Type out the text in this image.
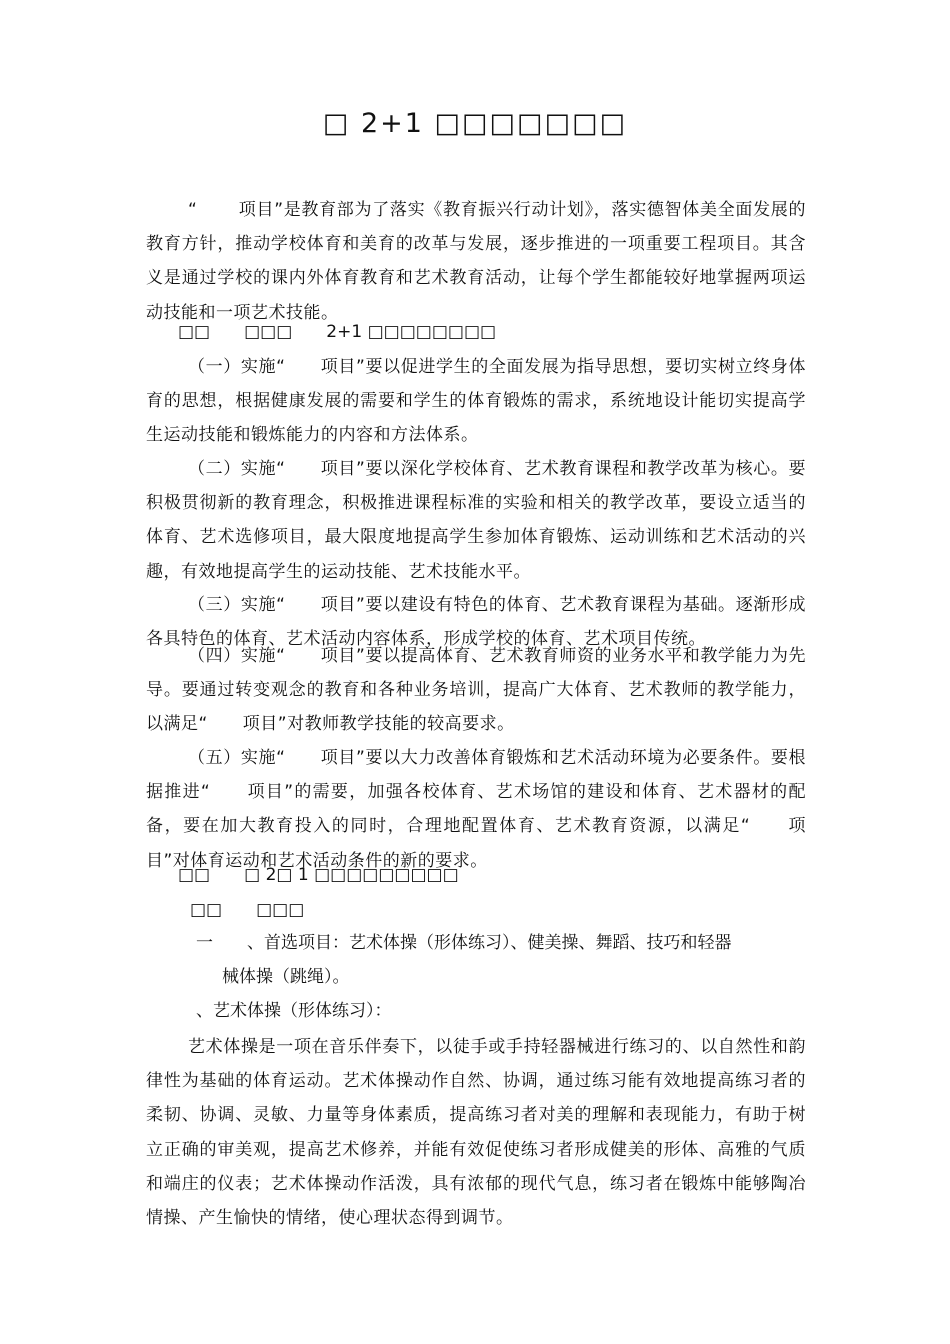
□ 2+1 □□□□□□□

“ 　　项目”是教育部为了落实《教育振兴行动计划》，落实德智体美全面发展的教育方针，推动学校体育和美育的改革与发展，逐步推进的一项重要工程项目。其含义是通过学校的课内外体育教育和艺术教育活动，让每个学生都能较好地掌握两项运动技能和一项艺术技能。

□□　　□□□　　2+1 □□□□□□□□

（一）实施“　　项目”要以促进学生的全面发展为指导思想，要切实树立终身体育的思想，根据健康发展的需要和学生的体育锻炼的需求，系统地设计能切实提高学生运动技能和锻炼能力的内容和方法体系。

（二）实施“　　项目”要以深化学校体育、艺术教育课程和教学改革为核心。要积极贯彻新的教育理念，积极推进课程标准的实验和相关的教学改革，要设立适当的体育、艺术选修项目，最大限度地提高学生参加体育锻炼、运动训练和艺术活动的兴趣，有效地提高学生的运动技能、艺术技能水平。

（三）实施“　　项目”要以建设有特色的体育、艺术教育课程为基础。逐渐形成各具特色的体育、艺术活动内容体系，形成学校的体育、艺术项目传统。

（四）实施“　　项目”要以提高体育、艺术教育师资的业务水平和教学能力为先导。要通过转变观念的教育和各种业务培训，提高广大体育、艺术教师的教学能力，以满足“　　项目”对教师教学技能的较高要求。

（五）实施“　　项目”要以大力改善体育锻炼和艺术活动环境为必要条件。要根据推进“　　项目”的需要，加强各校体育、艺术场馆的建设和体育、艺术器材的配备，要在加大教育投入的同时，合理地配置体育、艺术教育资源，以满足“　　项目”对体育运动和艺术活动条件的新的要求。

□□　　□ 2□ 1 □□□□□□□□□

□□　　□□□

一　　、首选项目：艺术体操（形体练习）、健美操、舞蹈、技巧和轻器
械体操（跳绳）。

、艺术体操（形体练习）：

艺术体操是一项在音乐伴奏下，以徒手或手持轻器械进行练习的、以自然性和韵律性为基础的体育运动。艺术体操动作自然、协调，通过练习能有效地提高练习者的柔韧、协调、灵敏、力量等身体素质，提高练习者对美的理解和表现能力，有助于树立正确的审美观，提高艺术修养，并能有效促使练习者形成健美的形体、高雅的气质和端庄的仪表；艺术体操动作活泼，具有浓郁的现代气息，练习者在锻炼中能够陶冶情操、产生愉快的情绪，使心理状态得到调节。
